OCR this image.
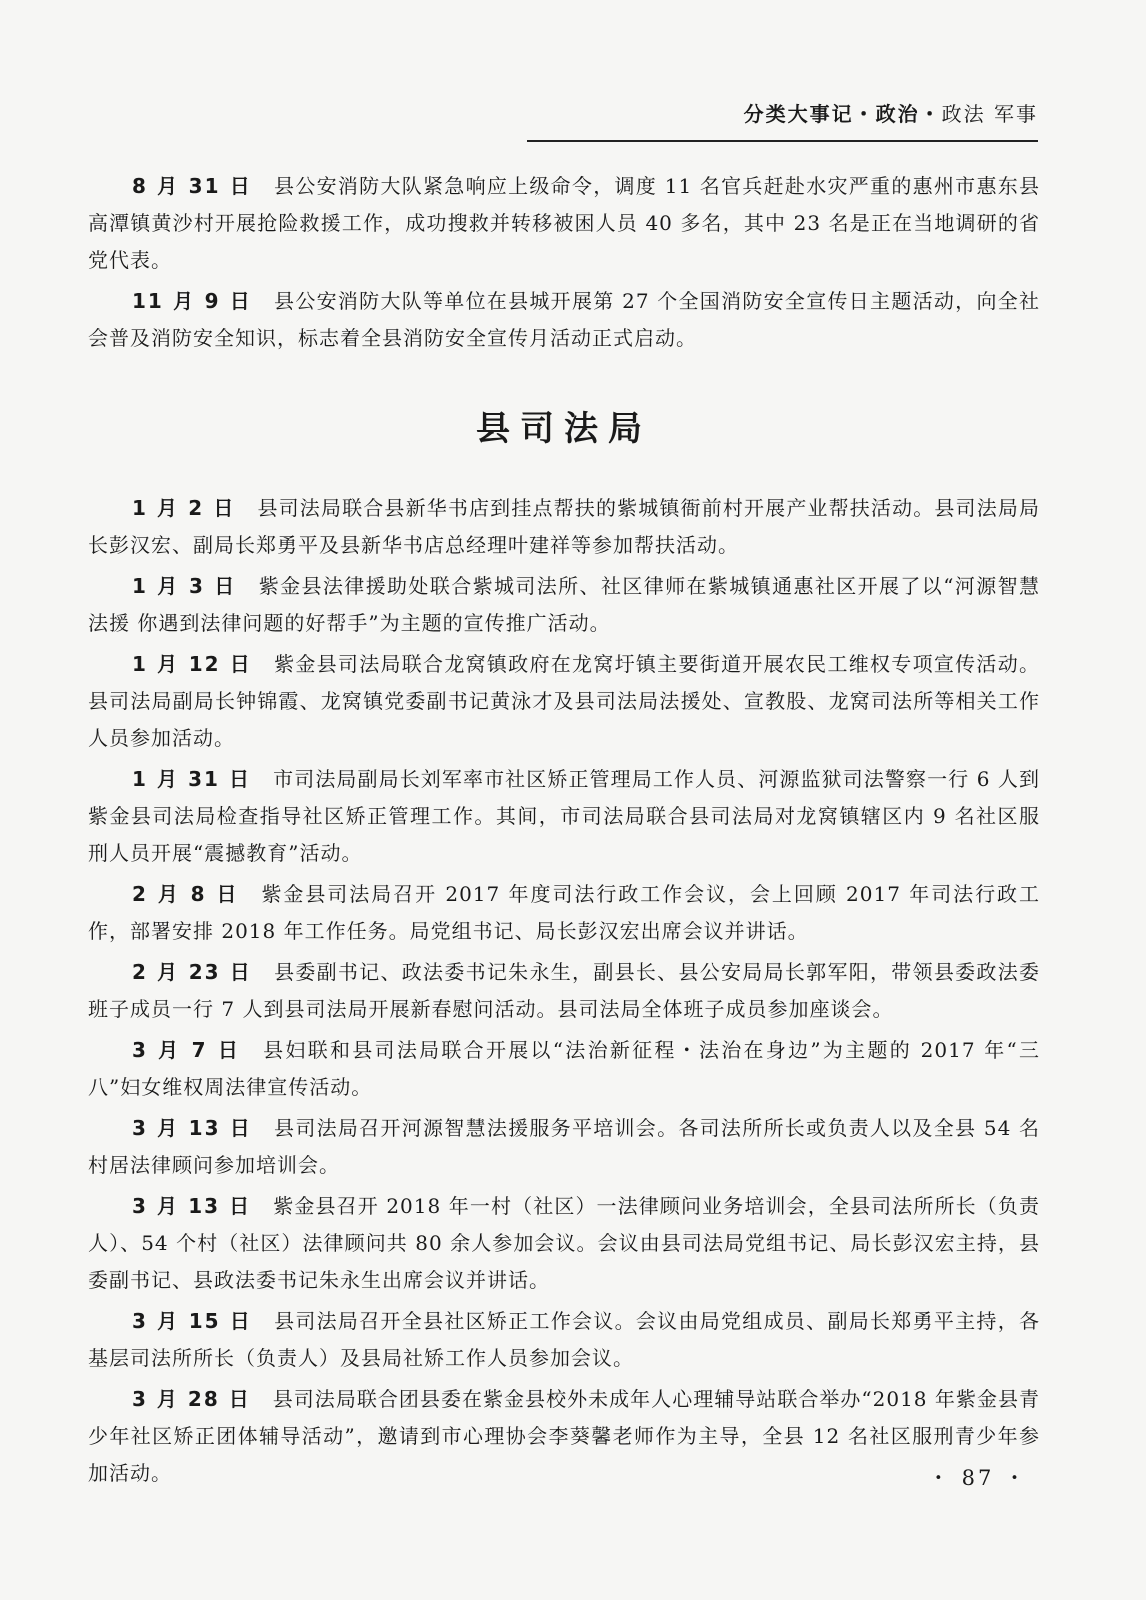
分类大事记・政治・政法 军事

8 月 31 日 县公安消防大队紧急响应上级命令，调度 11 名官兵赶赴水灾严重的惠州市惠东县高潭镇黄沙村开展抢险救援工作，成功搜救并转移被困人员 40 多名，其中 23 名是正在当地调研的省党代表。

11 月 9 日 县公安消防大队等单位在县城开展第 27 个全国消防安全宣传日主题活动，向全社会普及消防安全知识，标志着全县消防安全宣传月活动正式启动。

县司法局

1 月 2 日 县司法局联合县新华书店到挂点帮扶的紫城镇衙前村开展产业帮扶活动。县司法局局长彭汉宏、副局长郑勇平及县新华书店总经理叶建祥等参加帮扶活动。

1 月 3 日 紫金县法律援助处联合紫城司法所、社区律师在紫城镇通惠社区开展了以“河源智慧法援 你遇到法律问题的好帮手”为主题的宣传推广活动。

1 月 12 日 紫金县司法局联合龙窝镇政府在龙窝圩镇主要街道开展农民工维权专项宣传活动。县司法局副局长钟锦霞、龙窝镇党委副书记黄泳才及县司法局法援处、宣教股、龙窝司法所等相关工作人员参加活动。

1 月 31 日 市司法局副局长刘军率市社区矫正管理局工作人员、河源监狱司法警察一行 6 人到紫金县司法局检查指导社区矫正管理工作。其间，市司法局联合县司法局对龙窝镇辖区内 9 名社区服刑人员开展“震撼教育”活动。

2 月 8 日 紫金县司法局召开 2017 年度司法行政工作会议，会上回顾 2017 年司法行政工作，部署安排 2018 年工作任务。局党组书记、局长彭汉宏出席会议并讲话。

2 月 23 日 县委副书记、政法委书记朱永生，副县长、县公安局局长郭军阳，带领县委政法委班子成员一行 7 人到县司法局开展新春慰问活动。县司法局全体班子成员参加座谈会。

3 月 7 日 县妇联和县司法局联合开展以“法治新征程・法治在身边”为主题的 2017 年“三八”妇女维权周法律宣传活动。

3 月 13 日 县司法局召开河源智慧法援服务平培训会。各司法所所长或负责人以及全县 54 名村居法律顾问参加培训会。

3 月 13 日 紫金县召开 2018 年一村（社区）一法律顾问业务培训会，全县司法所所长（负责人）、54 个村（社区）法律顾问共 80 余人参加会议。会议由县司法局党组书记、局长彭汉宏主持，县委副书记、县政法委书记朱永生出席会议并讲话。

3 月 15 日 县司法局召开全县社区矫正工作会议。会议由局党组成员、副局长郑勇平主持，各基层司法所所长（负责人）及县局社矫工作人员参加会议。

3 月 28 日 县司法局联合团县委在紫金县校外未成年人心理辅导站联合举办“2018 年紫金县青少年社区矫正团体辅导活动”，邀请到市心理协会李葵馨老师作为主导，全县 12 名社区服刑青少年参加活动。	・ 87 ・
